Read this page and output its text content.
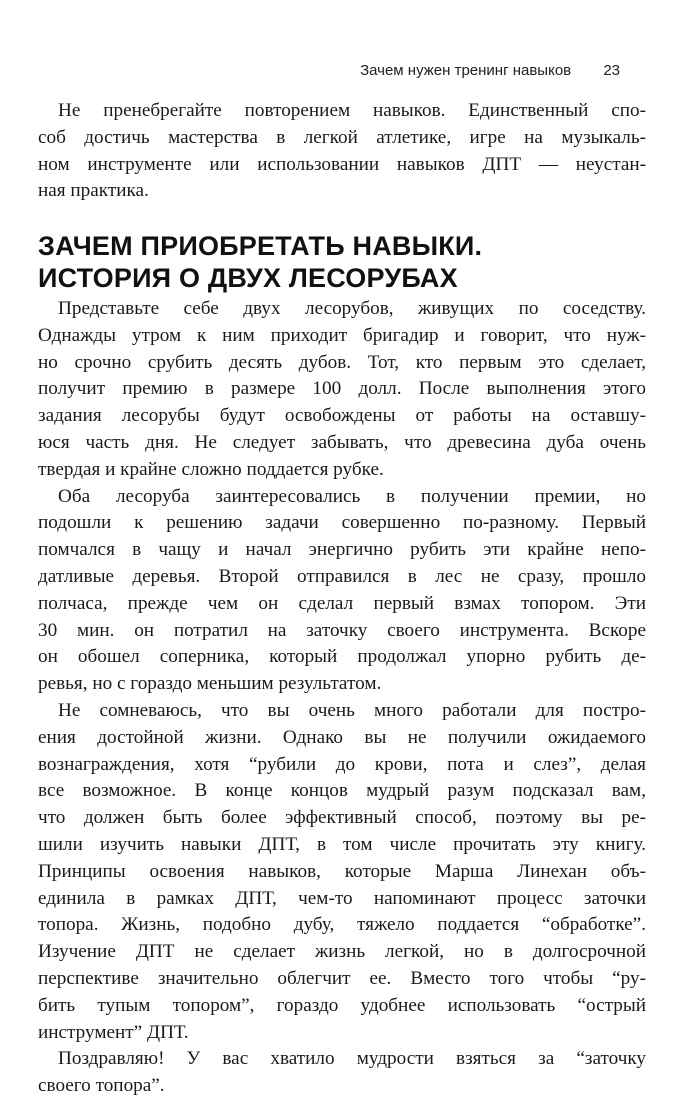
Зачем нужен тренинг навыков 23

Не пренебрегайте повторением навыков. Единственный спо-
соб достичь мастерства в легкой атлетике, игре на музыкаль-
ном инструменте или использовании навыков ДПТ — неустан-
ная практика.

ЗАЧЕМ ПРИОБРЕТАТЬ НАВЫКИ.
ИСТОРИЯ О ДВУХ ЛЕСОРУБАХ

Представьте себе двух лесорубов, живущих по соседству.
Однажды утром к ним приходит бригадир и говорит, что нуж-
но срочно срубить десять дубов. Тот, кто первым это сделает,
получит премию в размере 100 долл. После выполнения этого
задания лесорубы будут освобождены от работы на оставшу-
юся часть дня. Не следует забывать, что древесина дуба очень
твердая и крайне сложно поддается рубке.

Оба лесоруба заинтересовались в получении премии, но
подошли к решению задачи совершенно по-разному. Первый
помчался в чащу и начал энергично рубить эти крайне непо-
датливые деревья. Второй отправился в лес не сразу, прошло
полчаса, прежде чем он сделал первый взмах топором. Эти
30 мин. он потратил на заточку своего инструмента. Вскоре
он обошел соперника, который продолжал упорно рубить де-
ревья, но с гораздо меньшим результатом.

Не сомневаюсь, что вы очень много работали для постро-
ения достойной жизни. Однако вы не получили ожидаемого
вознаграждения, хотя “рубили до крови, пота и слез”, делая
все возможное. В конце концов мудрый разум подсказал вам,
что должен быть более эффективный способ, поэтому вы ре-
шили изучить навыки ДПТ, в том числе прочитать эту книгу.
Принципы освоения навыков, которые Марша Линехан объ-
единила в рамках ДПТ, чем-то напоминают процесс заточки
топора. Жизнь, подобно дубу, тяжело поддается “обработке”.
Изучение ДПТ не сделает жизнь легкой, но в долгосрочной
перспективе значительно облегчит ее. Вместо того чтобы “ру-
бить тупым топором”, гораздо удобнее использовать “острый
инструмент” ДПТ.

Поздравляю! У вас хватило мудрости взяться за “заточку
своего топора”.
